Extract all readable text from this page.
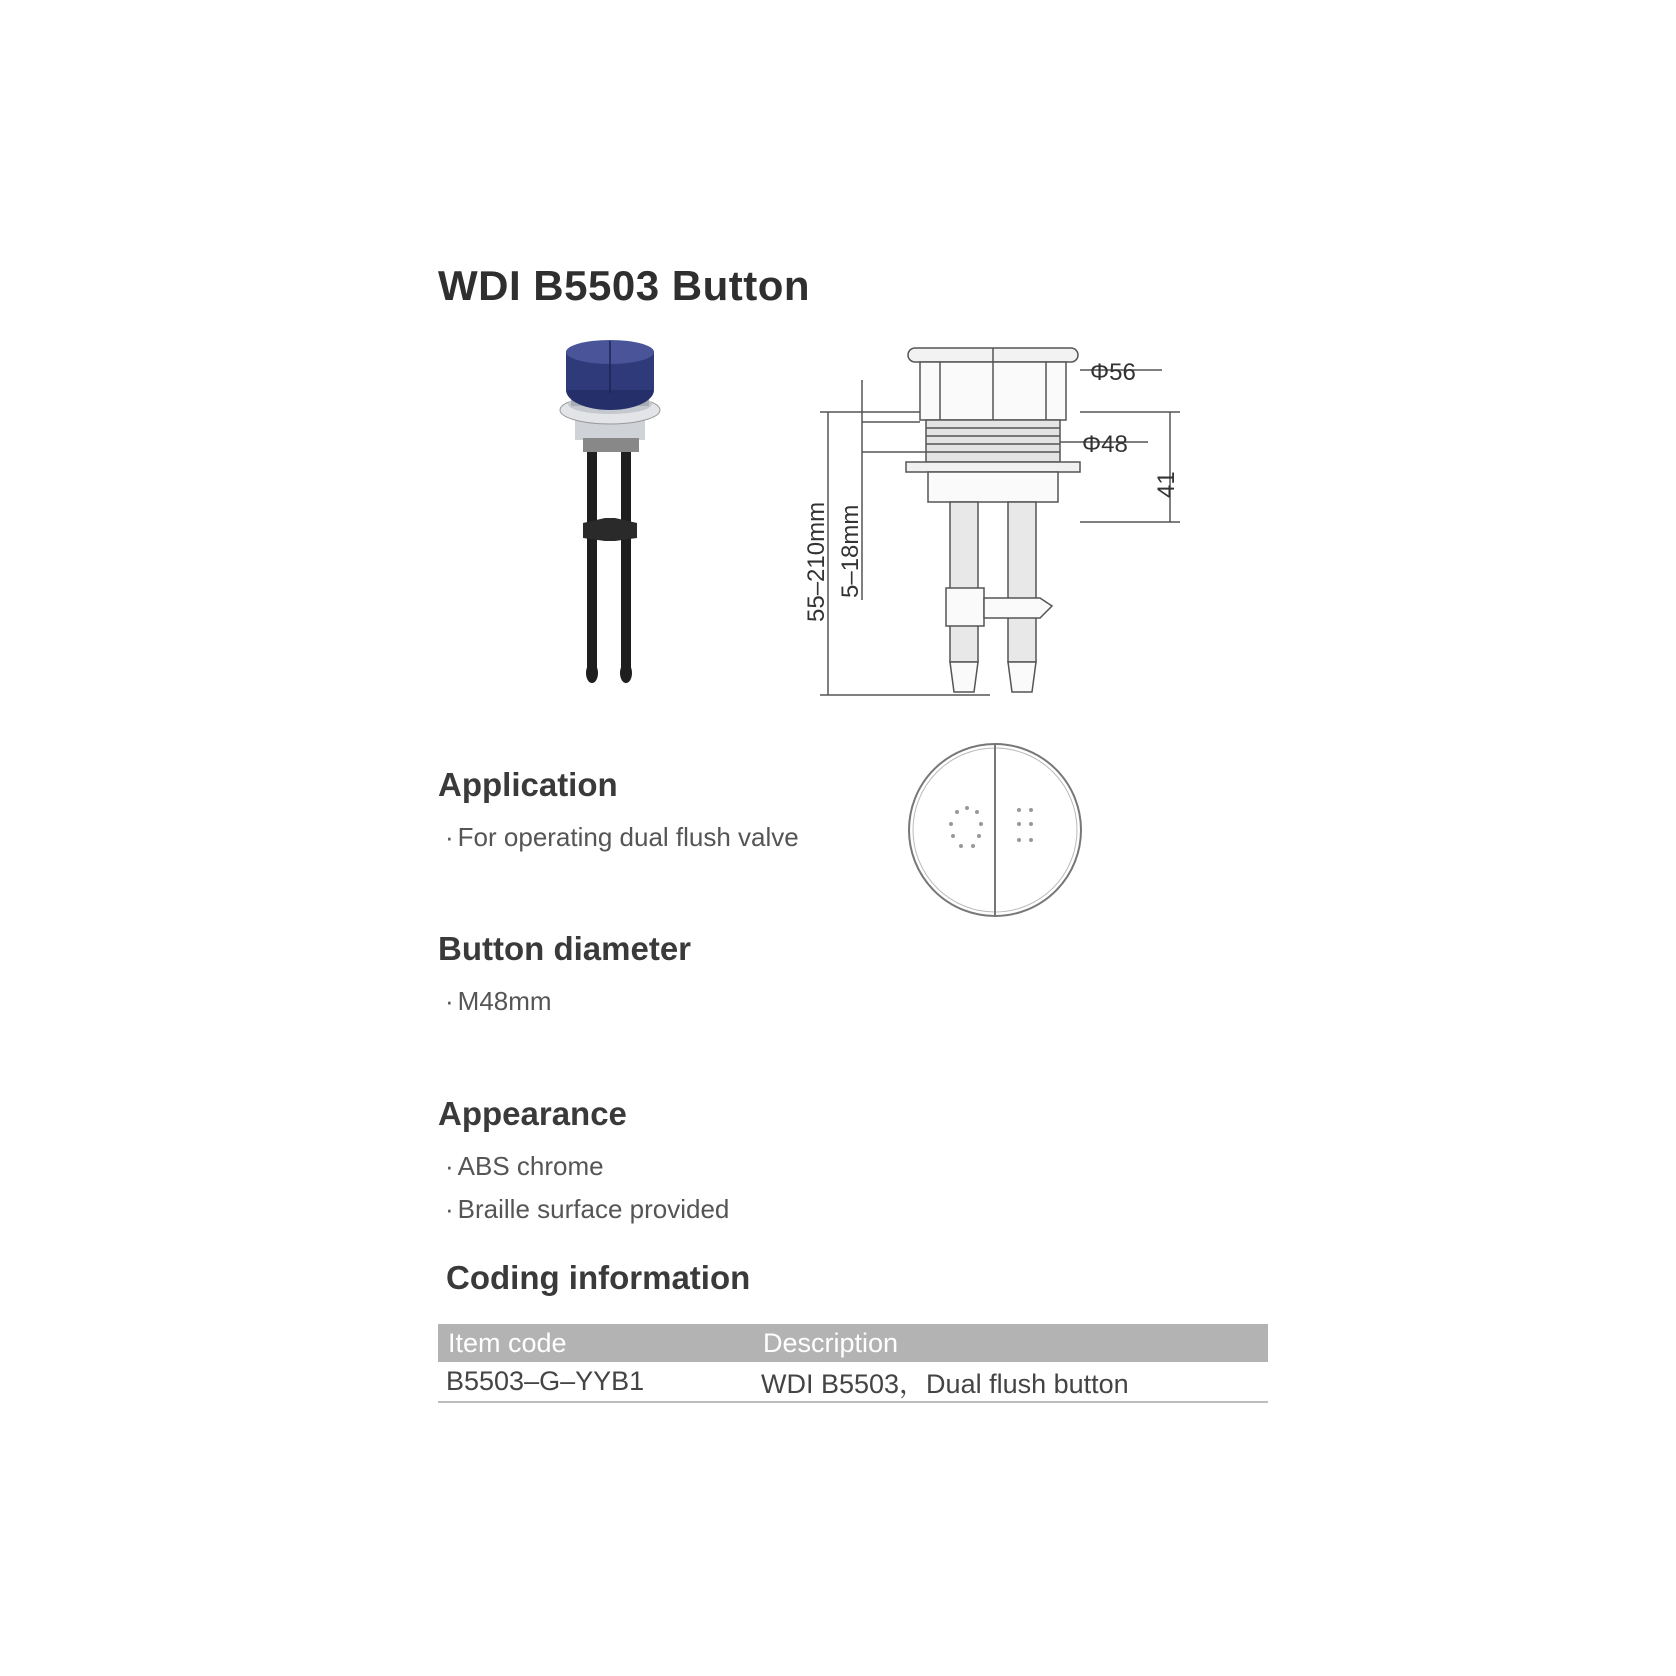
WDI B5503 Button
Φ56
Φ48
41
55–210mm 5–18mm
Application

· For operating dual flush valve

Button diameter

· M48mm

Appearance

· ABS chrome

· Braille surface provided

Coding information
Item code	Description
B5503–G–YYB1	WDI B5503，Dual flush button
